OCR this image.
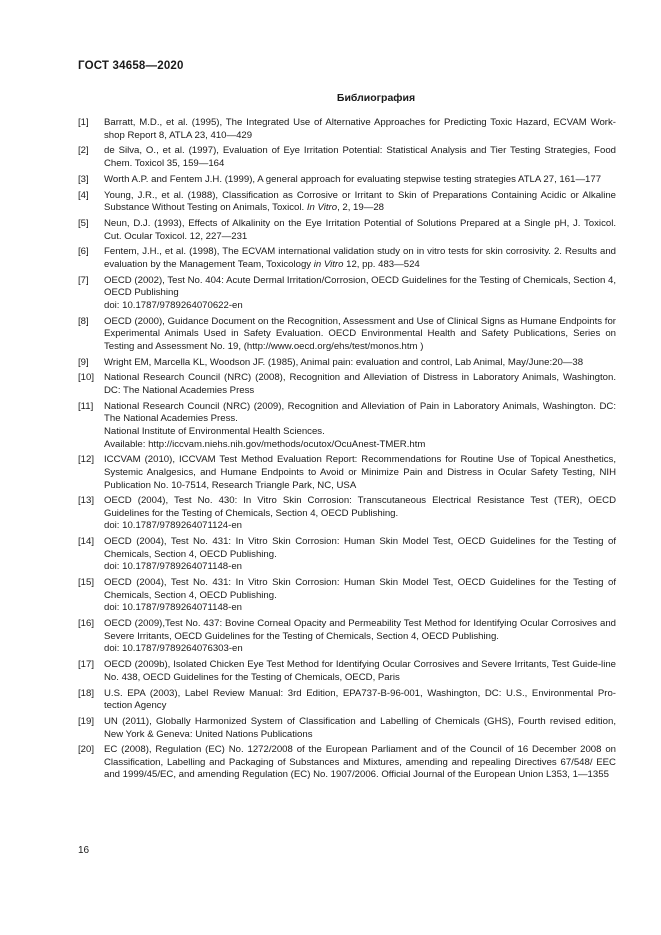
ГОСТ 34658—2020
Библиография
[1]	Barratt, M.D., et al. (1995), The Integrated Use of Alternative Approaches for Predicting Toxic Hazard, ECVAM Work-shop Report 8, ATLA 23, 410—429
[2]	de Silva, O., et al. (1997), Evaluation of Eye Irritation Potential: Statistical Analysis and Tier Testing Strategies, Food Chem. Toxicol 35, 159—164
[3]	Worth A.P. and Fentem J.H. (1999), A general approach for evaluating stepwise testing strategies ATLA 27, 161—177
[4]	Young, J.R., et al. (1988), Classification as Corrosive or Irritant to Skin of Preparations Containing Acidic or Alkaline Substance Without Testing on Animals, Toxicol. In Vitro, 2, 19—28
[5]	Neun, D.J. (1993), Effects of Alkalinity on the Eye Irritation Potential of Solutions Prepared at a Single pH, J. Toxicol. Cut. Ocular Toxicol. 12, 227—231
[6]	Fentem, J.H., et al. (1998), The ECVAM international validation study on in vitro tests for skin corrosivity. 2. Results and evaluation by the Management Team, Toxicology in Vitro 12, pp. 483—524
[7]	OECD (2002), Test No. 404: Acute Dermal Irritation/Corrosion, OECD Guidelines for the Testing of Chemicals, Section 4, OECD Publishing
doi: 10.1787/9789264070622-en
[8]	OECD (2000), Guidance Document on the Recognition, Assessment and Use of Clinical Signs as Humane Endpoints for Experimental Animals Used in Safety Evaluation. OECD Environmental Health and Safety Publications, Series on Testing and Assessment No. 19, (http://www.oecd.org/ehs/test/monos.htm )
[9]	Wright EM, Marcella KL, Woodson JF. (1985), Animal pain: evaluation and control, Lab Animal, May/June:20—38
[10]	National Research Council (NRC) (2008), Recognition and Alleviation of Distress in Laboratory Animals, Washington. DC: The National Academies Press
[11]	National Research Council (NRC) (2009), Recognition and Alleviation of Pain in Laboratory Animals, Washington. DC: The National Academies Press.
National Institute of Environmental Health Sciences.
Available: http://iccvam.niehs.nih.gov/methods/ocutox/OcuAnest-TMER.htm
[12]	ICCVAM (2010), ICCVAM Test Method Evaluation Report: Recommendations for Routine Use of Topical Anesthetics, Systemic Analgesics, and Humane Endpoints to Avoid or Minimize Pain and Distress in Ocular Safety Testing, NIH Publication No. 10-7514, Research Triangle Park, NC, USA
[13]	OECD (2004), Test No. 430: In Vitro Skin Corrosion: Transcutaneous Electrical Resistance Test (TER), OECD Guidelines for the Testing of Chemicals, Section 4, OECD Publishing.
doi: 10.1787/9789264071124-en
[14]	OECD (2004), Test No. 431: In Vitro Skin Corrosion: Human Skin Model Test, OECD Guidelines for the Testing of Chemicals, Section 4, OECD Publishing.
doi: 10.1787/9789264071148-en
[15]	OECD (2004), Test No. 431: In Vitro Skin Corrosion: Human Skin Model Test, OECD Guidelines for the Testing of Chemicals, Section 4, OECD Publishing.
doi: 10.1787/9789264071148-en
[16]	OECD (2009),Test No. 437: Bovine Corneal Opacity and Permeability Test Method for Identifying Ocular Corrosives and Severe Irritants, OECD Guidelines for the Testing of Chemicals, Section 4, OECD Publishing.
doi: 10.1787/9789264076303-en
[17]	OECD (2009b), Isolated Chicken Eye Test Method for Identifying Ocular Corrosives and Severe Irritants, Test Guide-line No. 438, OECD Guidelines for the Testing of Chemicals, OECD, Paris
[18]	U.S. EPA (2003), Label Review Manual: 3rd Edition, EPA737-B-96-001, Washington, DC: U.S., Environmental Pro-tection Agency
[19]	UN (2011), Globally Harmonized System of Classification and Labelling of Chemicals (GHS), Fourth revised edition, New York & Geneva: United Nations Publications
[20]	EC (2008), Regulation (EC) No. 1272/2008 of the European Parliament and of the Council of 16 December 2008 on Classification, Labelling and Packaging of Substances and Mixtures, amending and repealing Directives 67/548/ EEC and 1999/45/EC, and amending Regulation (EC) No. 1907/2006. Official Journal of the European Union L353, 1—1355
16
